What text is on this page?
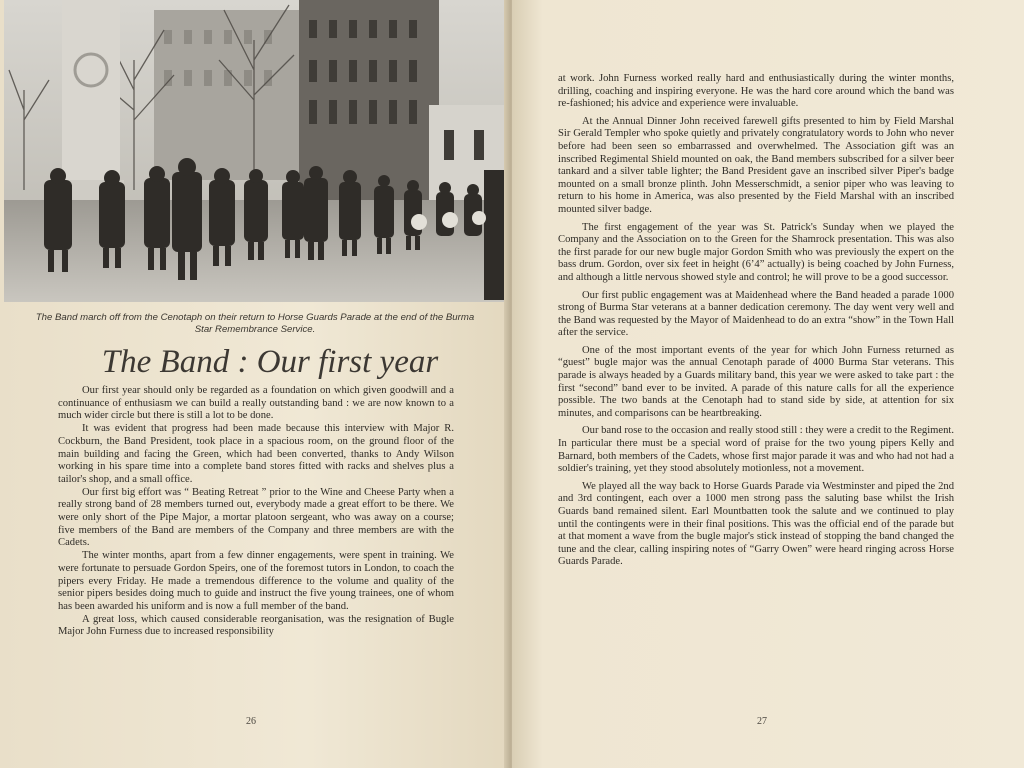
The Band march off from the Cenotaph on their return to Horse Guards Parade at the end of the Burma Star Remembrance Service.
The Band : Our first year

Our first year should only be regarded as a foundation on which given goodwill and a continuance of enthusiasm we can build a really outstanding band : we are now known to a much wider circle but there is still a lot to be done.

It was evident that progress had been made because this interview with Major R. Cockburn, the Band President, took place in a spacious room, on the ground floor of the main building and facing the Green, which had been converted, thanks to Andy Wilson working in his spare time into a complete band stores fitted with racks and shelves plus a tailor's shop, and a small office.

Our first big effort was “ Beating Retreat ” prior to the Wine and Cheese Party when a really strong band of 28 members turned out, everybody made a great effort to be there. We were only short of the Pipe Major, a mortar platoon sergeant, who was away on a course; five members of the Band are members of the Company and three members are with the Cadets.

The winter months, apart from a few dinner engagements, were spent in training. We were fortunate to persuade Gordon Speirs, one of the foremost tutors in London, to coach the pipers every Friday. He made a tremendous difference to the volume and quality of the senior pipers besides doing much to guide and instruct the five young trainees, one of whom has been awarded his uniform and is now a full member of the band.

A great loss, which caused considerable reorganisation, was the resignation of Bugle Major John Furness due to increased responsibility

26

at work. John Furness worked really hard and enthusiastically during the winter months, drilling, coaching and inspiring everyone. He was the hard core around which the band was re-fashioned; his advice and experience were invaluable.

At the Annual Dinner John received farewell gifts presented to him by Field Marshal Sir Gerald Templer who spoke quietly and privately congratulatory words to John who never before had been seen so embarrassed and overwhelmed. The Association gift was an inscribed Regimental Shield mounted on oak, the Band members subscribed for a silver beer tankard and a silver table lighter; the Band President gave an inscribed silver Piper's badge mounted on a small bronze plinth. John Messerschmidt, a senior piper who was leaving to return to his home in America, was also presented by the Field Marshal with an inscribed mounted silver badge.

The first engagement of the year was St. Patrick's Sunday when we played the Company and the Association on to the Green for the Shamrock presentation. This was also the first parade for our new bugle major Gordon Smith who was previously the expert on the bass drum. Gordon, over six feet in height (6’4” actually) is being coached by John Furness, and although a little nervous showed style and control; he will prove to be a good successor.

Our first public engagement was at Maidenhead where the Band headed a parade 1000 strong of Burma Star veterans at a banner dedication ceremony. The day went very well and the Band was requested by the Mayor of Maidenhead to do an extra “show” in the Town Hall after the service.

One of the most important events of the year for which John Furness returned as “guest” bugle major was the annual Cenotaph parade of 4000 Burma Star veterans. This parade is always headed by a Guards military band, this year we were asked to take part : the first “second” band ever to be invited. A parade of this nature calls for all the experience possible. The two bands at the Cenotaph had to stand side by side, at attention for six minutes, and comparisons can be heartbreaking.

Our band rose to the occasion and really stood still : they were a credit to the Regiment. In particular there must be a special word of praise for the two young pipers Kelly and Barnard, both members of the Cadets, whose first major parade it was and who had not had a soldier's training, yet they stood absolutely motionless, not a movement.

We played all the way back to Horse Guards Parade via Westminster and piped the 2nd and 3rd contingent, each over a 1000 men strong pass the saluting base whilst the Irish Guards band remained silent. Earl Mountbatten took the salute and we continued to play until the contingents were in their final positions. This was the official end of the parade but at that moment a wave from the bugle major's stick instead of stopping the band changed the tune and the clear, calling inspiring notes of “Garry Owen” were heard ringing across Horse Guards Parade.

27
